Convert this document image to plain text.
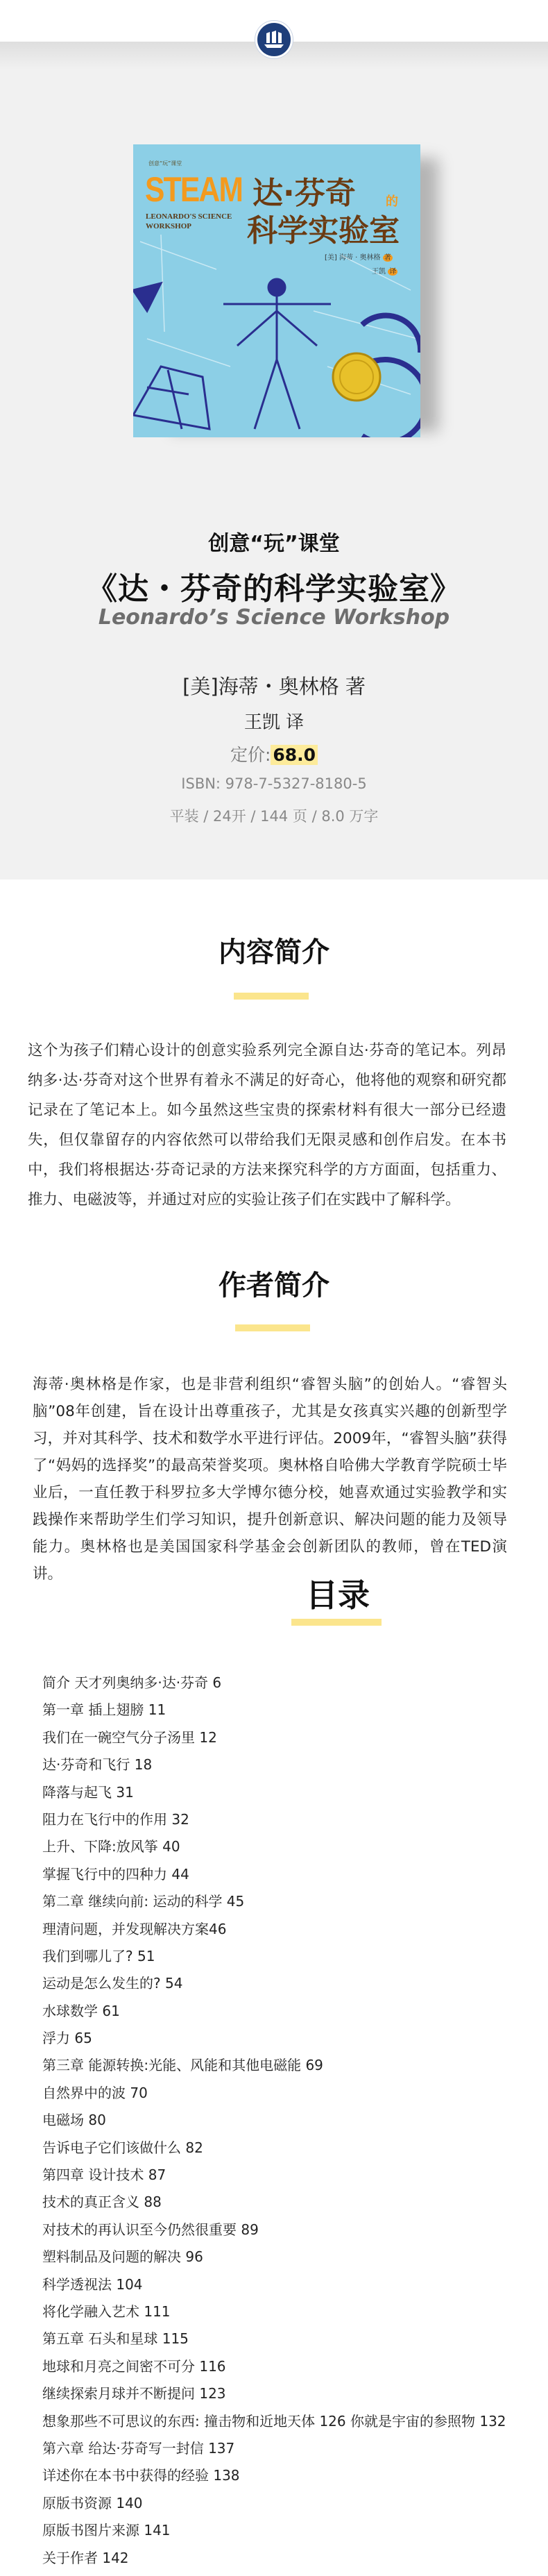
创意“玩”课堂
STEAM 达·芬奇 的
科学实验室
LEONARDO'S SCIENCE
WORKSHOP
[美] 海蒂 · 奥林格 著
王凯 译
创意“玩”课堂
《达・芬奇的科学实验室》
Leonardo’s Science Workshop
[美]海蒂・奥林格 著
王凯 译
定价: 68.0
ISBN: 978-7-5327-8180-5
平装 / 24开 / 144 页 / 8.0 万字
内容简介
这个为孩子们精心设计的创意实验系列完全源自达·芬奇的笔记本。列昂纳多·达·芬奇对这个世界有着永不满足的好奇心，他将他的观察和研究都记录在了笔记本上。如今虽然这些宝贵的探索材料有很大一部分已经遗失，但仅靠留存的内容依然可以带给我们无限灵感和创作启发。在本书中，我们将根据达·芬奇记录的方法来探究科学的方方面面，包括重力、推力、电磁波等，并通过对应的实验让孩子们在实践中了解科学。
作者简介
海蒂·奥林格是作家，也是非营利组织“睿智头脑”的创始人。“睿智头脑”08年创建，旨在设计出尊重孩子，尤其是女孩真实兴趣的创新型学习，并对其科学、技术和数学水平进行评估。2009年，“睿智头脑”获得了“妈妈的选择奖”的最高荣誉奖项。奥林格自哈佛大学教育学院硕士毕业后，一直任教于科罗拉多大学博尔德分校，她喜欢通过实验教学和实践操作来帮助学生们学习知识，提升创新意识、解决问题的能力及领导能力。奥林格也是美国国家科学基金会创新团队的教师，曾在TED演讲。
目录
简介 天才列奥纳多·达·芬奇 6
第一章 插上翅膀 11
我们在一碗空气分子汤里 12
达·芬奇和飞行 18
降落与起飞 31
阻力在飞行中的作用 32
上升、下降:放风筝 40
掌握飞行中的四种力 44
第二章 继续向前: 运动的科学 45
理清问题，并发现解决方案46
我们到哪儿了? 51
运动是怎么发生的? 54
水球数学 61
浮力 65
第三章 能源转换:光能、风能和其他电磁能 69
自然界中的波 70
电磁场 80
告诉电子它们该做什么 82
第四章 设计技术 87
技术的真正含义 88
对技术的再认识至今仍然很重要 89
塑料制品及问题的解决 96
科学透视法 104
将化学融入艺术 111
第五章 石头和星球 115
地球和月亮之间密不可分 116
继续探索月球并不断提问 123
想象那些不可思议的东西: 撞击物和近地天体 126 你就是宇宙的参照物 132
第六章 给达·芬奇写一封信 137
详述你在本书中获得的经验 138
原版书资源 140
原版书图片来源 141
关于作者 142
